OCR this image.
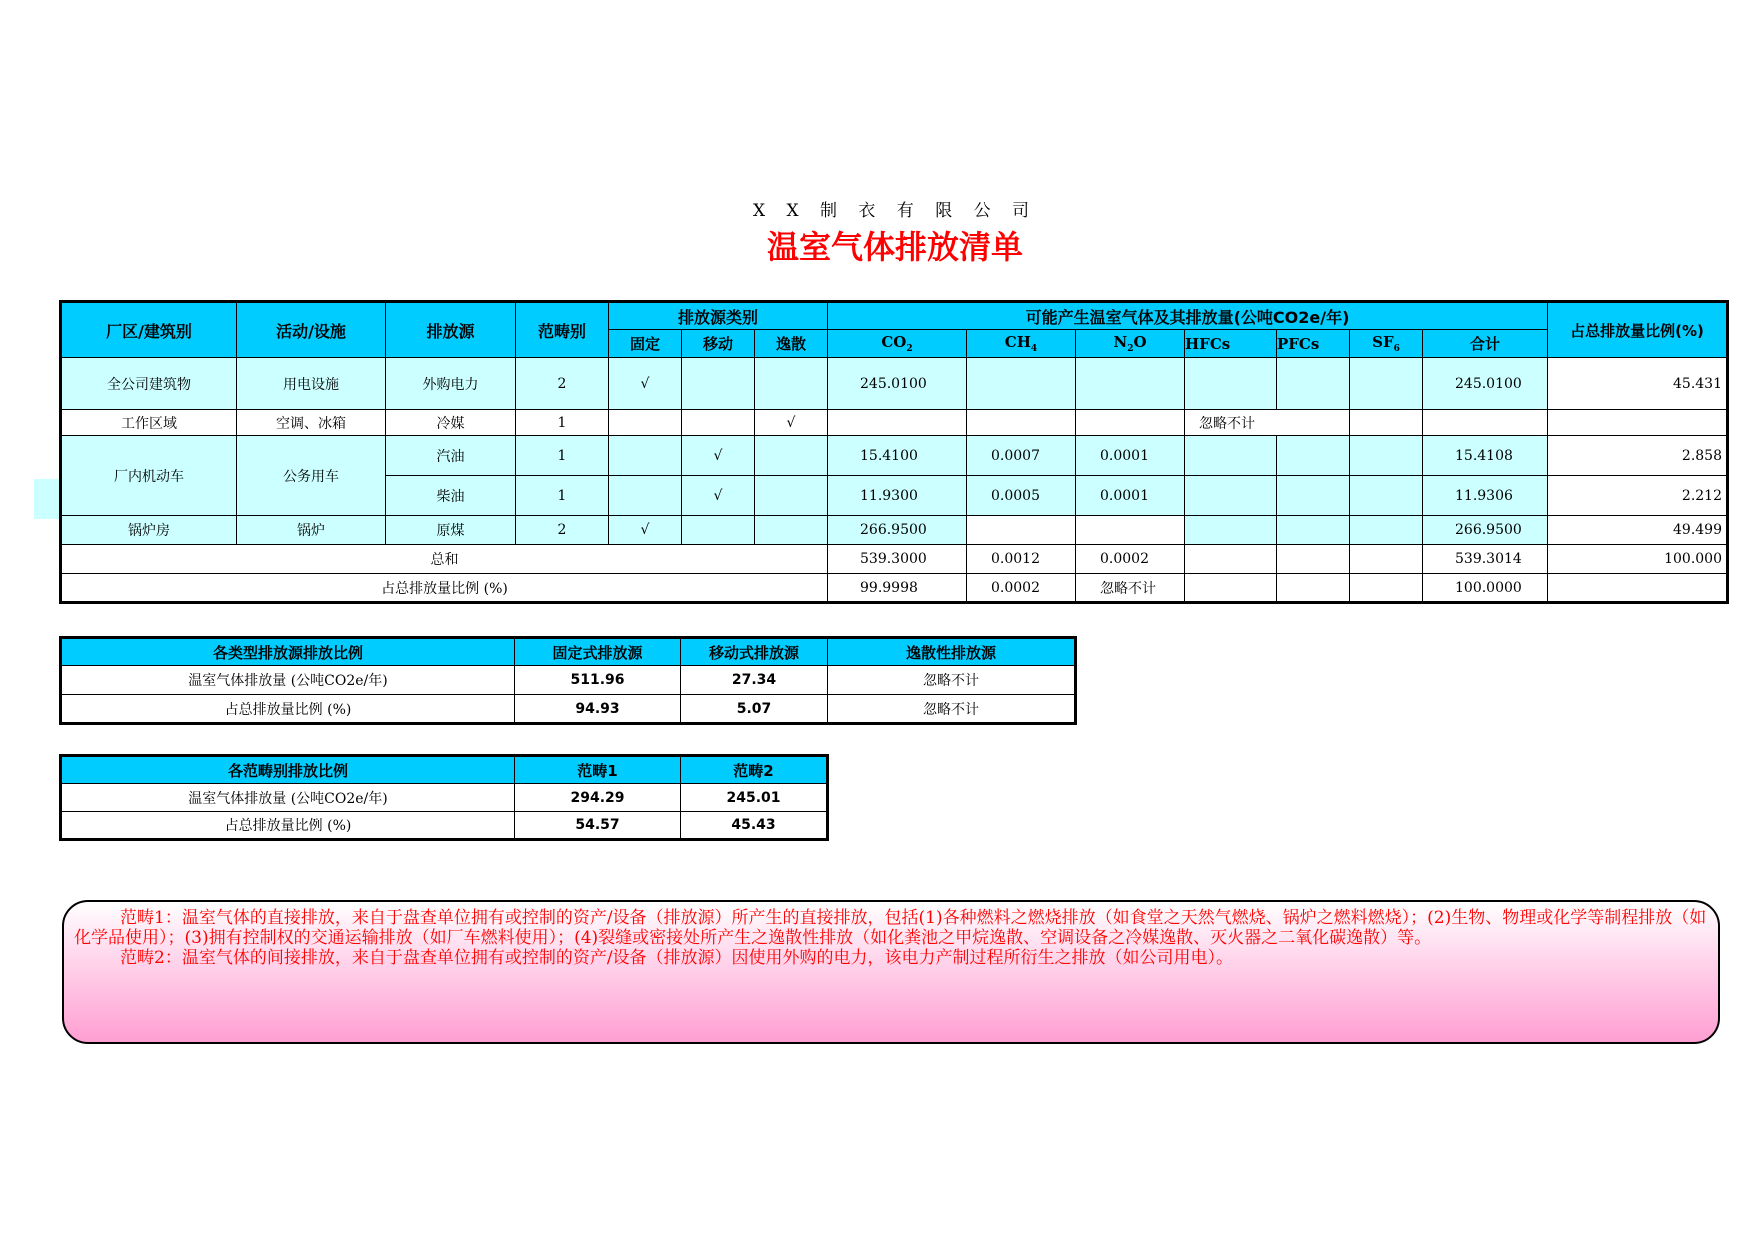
X X 制 衣 有 限 公 司
温室气体排放清单
厂区/建筑别	活动/设施	排放源	范畴别	排放源类别			可能产生温室气体及其排放量(公吨CO2e/年)							占总排放量比例(%)
				固定	移动	逸散	$CO_2$	$CH_4$	$N_2O$	HFCs	PFCs	$SF_6$	合计	
全公司建筑物	用电设施	外购电力	2	√			245.0100						245.0100	45.431
工作区域	空调、冰箱	冷媒	1			√				忽略不计				
厂内机动车	公务用车	汽油	1		√		15.4100	0.0007	0.0001				15.4108	2.858
		柴油	1		√		11.9300	0.0005	0.0001				11.9306	2.212
锅炉房	锅炉	原煤	2	√			266.9500						266.9500	49.499
总和							539.3000	0.0012	0.0002				539.3014	100.000
占总排放量比例 (%)							99.9998	0.0002	忽略不计				100.0000	
各类型排放源排放比例	固定式排放源	移动式排放源	逸散性排放源
温室气体排放量 (公吨CO2e/年)	511.96	27.34	忽略不计
占总排放量比例 (%)	94.93	5.07	忽略不计
各范畴别排放比例	范畴1	范畴2
温室气体排放量 (公吨CO2e/年)	294.29	245.01
占总排放量比例 (%)	54.57	45.43

范畴1：温室气体的直接排放，来自于盘查单位拥有或控制的资产/设备（排放源）所产生的直接排放，包括(1)各种燃料之燃烧排放（如食堂之天然气燃烧、锅炉之燃料燃烧）；(2)生物、物理或化学等制程排放（如化学品使用）；(3)拥有控制权的交通运输排放（如厂车燃料使用）；(4)裂缝或密接处所产生之逸散性排放（如化粪池之甲烷逸散、空调设备之冷媒逸散、灭火器之二氧化碳逸散）等。

范畴2：温室气体的间接排放，来自于盘查单位拥有或控制的资产/设备（排放源）因使用外购的电力，该电力产制过程所衍生之排放（如公司用电）。
